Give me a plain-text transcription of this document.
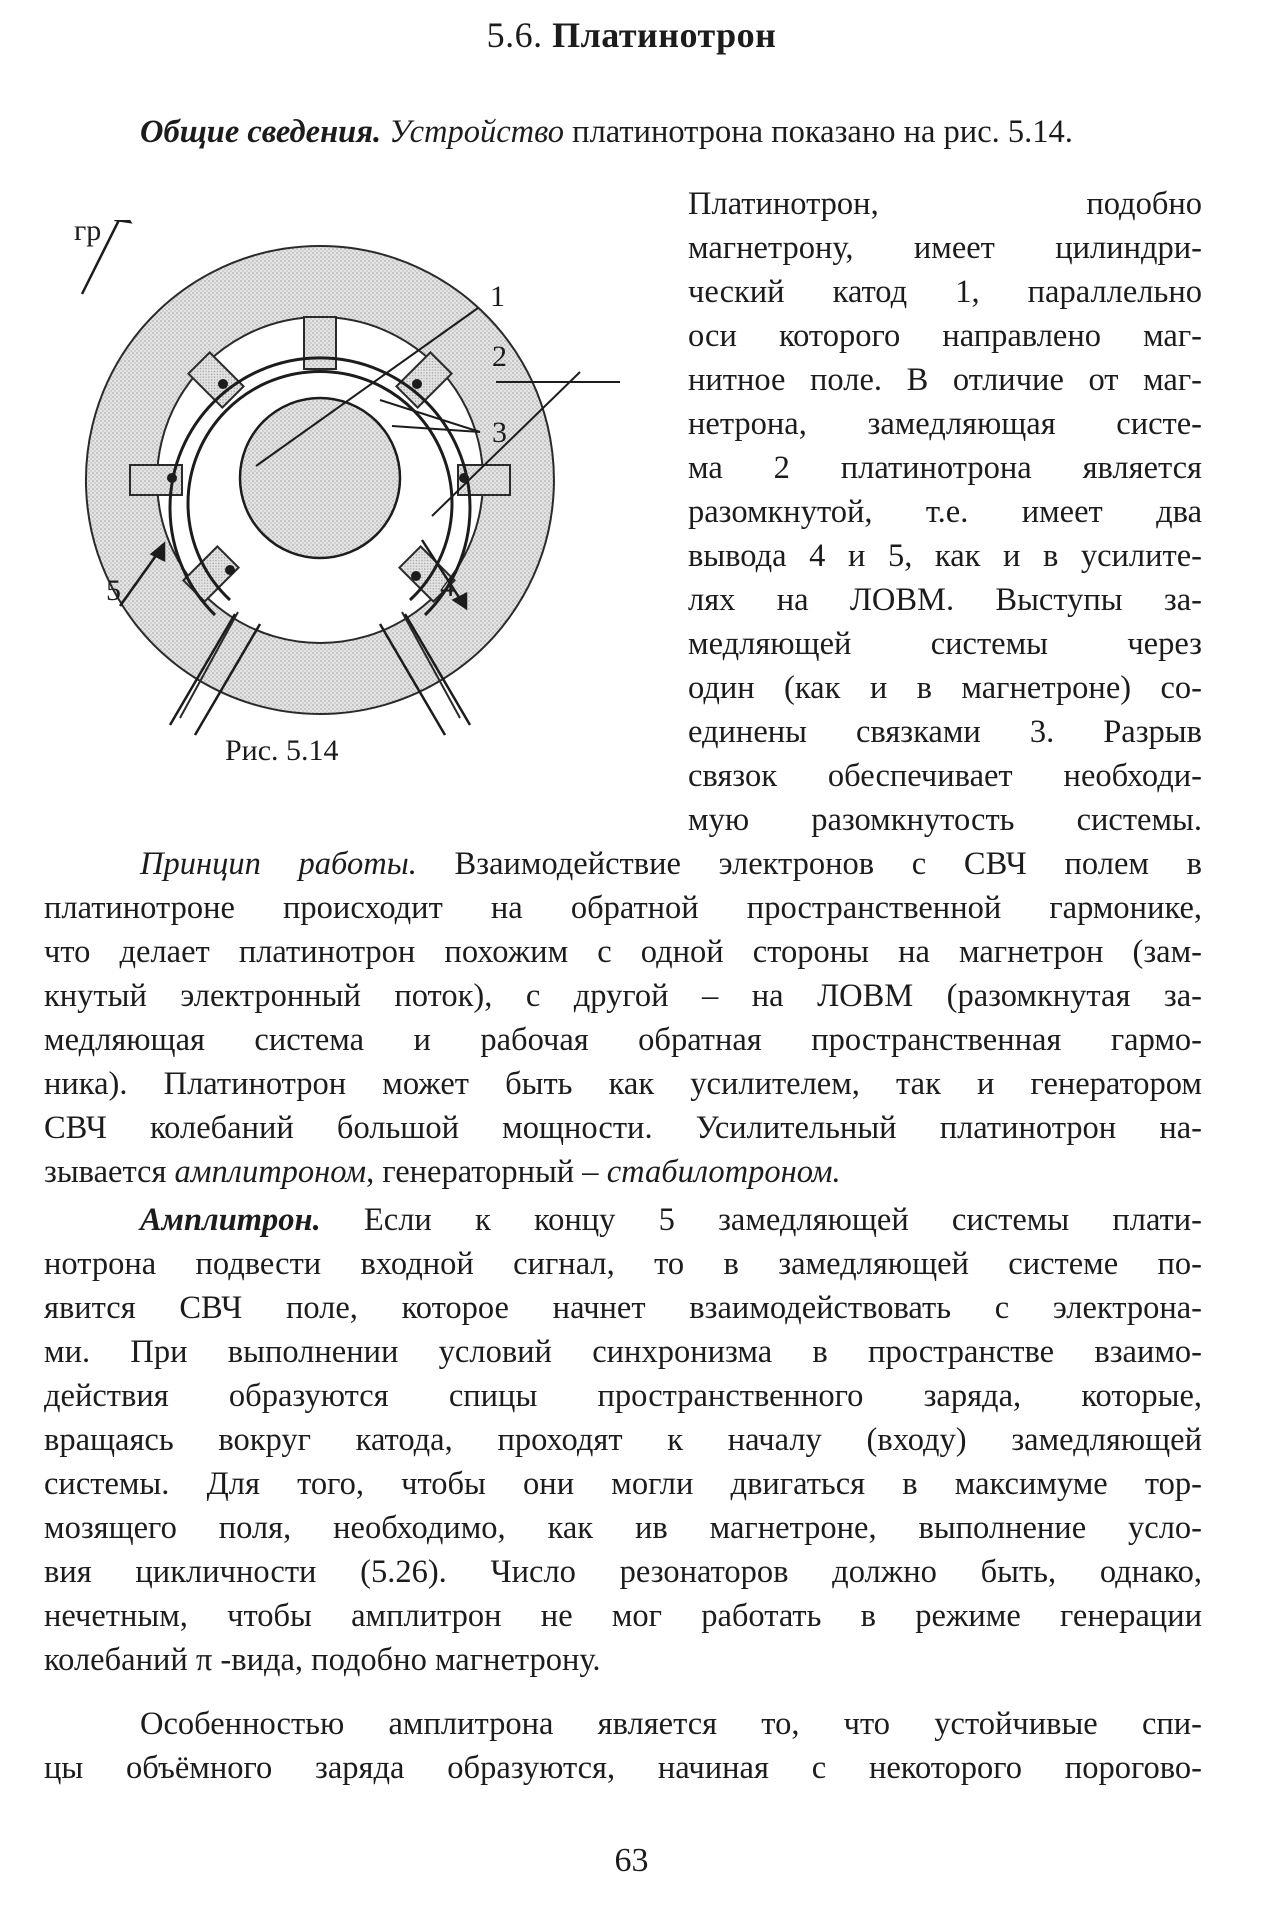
5.6. Платинотрон
Общие сведения. Устройство платинотрона показано на рис. 5.14.
Платинотрон, подобно
магнетрону, имеет цилиндри-
ческий катод 1, параллельно
оси которого направлено маг-
нитное поле. В отличие от маг-
нетрона, замедляющая систе-
ма 2 платинотрона является
разомкнутой, т.е. имеет два
вывода 4 и 5, как и в усилите-
лях на ЛОВМ. Выступы за-
медляющей системы через
один (как и в магнетроне) со-
единены связками 3. Разрыв
связок обеспечивает необходи-
мую разомкнутость системы.
гр
1
2
3
4
5
Рис. 5.14
Принцип работы. Взаимодействие электронов с СВЧ полем в
платинотроне происходит на обратной пространственной гармонике,
что делает платинотрон похожим с одной стороны на магнетрон (зам-
кнутый электронный поток), с другой – на ЛОВМ (разомкнутая за-
медляющая система и рабочая обратная пространственная гармо-
ника). Платинотрон может быть как усилителем, так и генератором
СВЧ колебаний большой мощности. Усилительный платинотрон на-
зывается амплитроном, генераторный – стабилотроном.
Амплитрон. Если к концу 5 замедляющей системы плати-
нотрона подвести входной сигнал, то в замедляющей системе по-
явится СВЧ поле, которое начнет взаимодействовать с электрона-
ми. При выполнении условий синхронизма в пространстве взаимо-
действия образуются спицы пространственного заряда, которые,
вращаясь вокруг катода, проходят к началу (входу) замедляющей
системы. Для того, чтобы они могли двигаться в максимуме тор-
мозящего поля, необходимо, как ив магнетроне, выполнение усло-
вия цикличности (5.26). Число резонаторов должно быть, однако,
нечетным, чтобы амплитрон не мог работать в режиме генерации
колебаний π -вида, подобно магнетрону.
Особенностью амплитрона является то, что устойчивые спи-
цы объёмного заряда образуются, начиная с некоторого порогово-
63
